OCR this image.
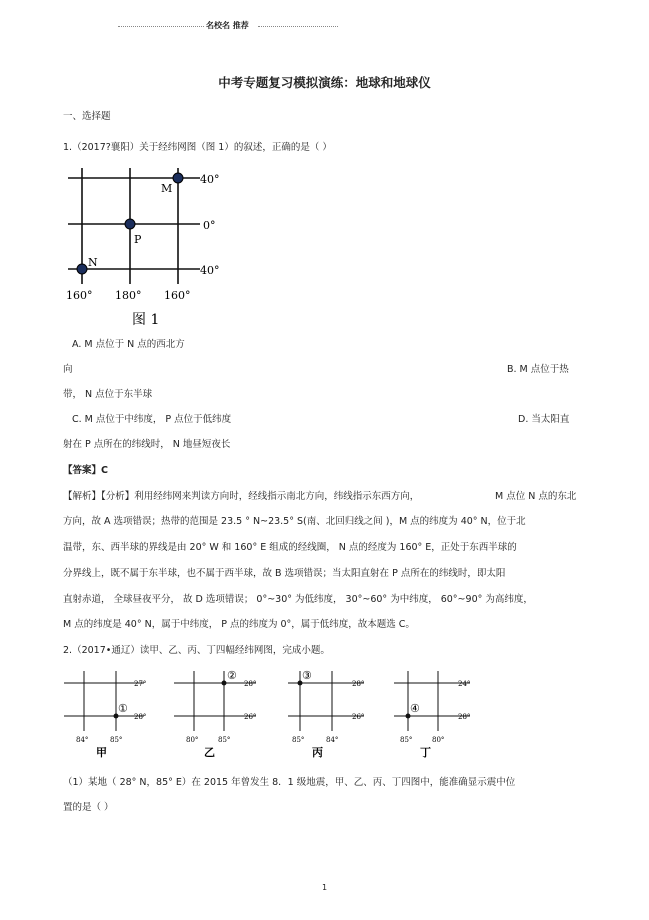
名校名 推荐
中考专题复习模拟演练：地球和地球仪
一、选择题
1.（2017?襄阳）关于经纬网图（图 1）的叙述，正确的是（ ）
M
P
N
40°
0°
40°
160° 180° 160°
图 1
A. M 点位于 N 点的西北方
向	B. M 点位于热
带， N 点位于东半球
C. M 点位于中纬度， P 点位于低纬度	D. 当太阳直
射在 P 点所在的纬线时， N 地昼短夜长
【答案】C
【解析】【分析】利用经纬网来判读方向时，经线指示南北方向，纬线指示东西方向，	M 点位 N 点的东北
方向，故 A 选项错误；热带的范围是 23.5 ° N~23.5° S(南、北回归线之间 )，M 点的纬度为 40° N，位于北
温带，东、西半球的界线是由 20° W 和 160° E 组成的经线圈， N 点的经度为 160° E，正处于东西半球的
分界线上，既不属于东半球，也不属于西半球，故 B 选项错误；当太阳直射在 P 点所在的纬线时，即太阳
直射赤道， 全球昼夜平分， 故 D 选项错误； 0°~30° 为低纬度， 30°~60° 为中纬度， 60°~90° 为高纬度，
M 点的纬度是 40° N，属于中纬度， P 点的纬度为 0°，属于低纬度，故本题选 C。
2.（2017•通辽）读甲、乙、丙、丁四幅经纬网图，完成小题。
①
27°
28°
84°	85°
甲
②
28°
26°
80°	85°
乙
③
28°
26°
85°	84°
丙
④
24°
28°
85°	80°
丁
（1）某地（ 28° N，85° E）在 2015 年曾发生 8．1 级地震，甲、乙、丙、丁四图中，能准确显示震中位
置的是（ ）
1
